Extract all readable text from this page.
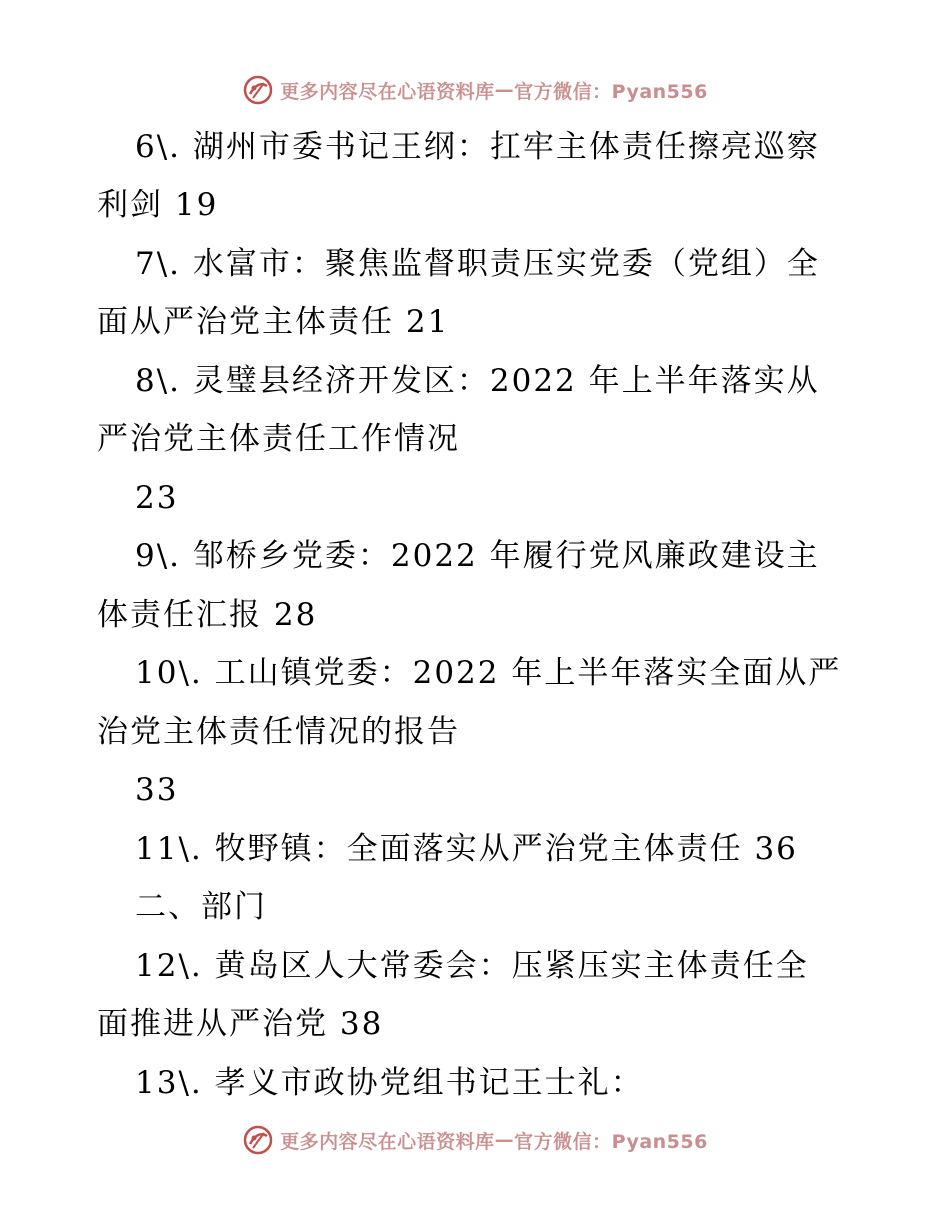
更多内容尽在心语资料库 — 官方微信：Pyan556
6\. 湖州市委书记王纲：扛牢主体责任擦亮巡察
利剑 19
7\. 水富市：聚焦监督职责压实党委（党组）全
面从严治党主体责任 21
8\. 灵璧县经济开发区：2022 年上半年落实从
严治党主体责任工作情况
23
9\. 邹桥乡党委：2022 年履行党风廉政建设主
体责任汇报 28
10\. 工山镇党委：2022 年上半年落实全面从严
治党主体责任情况的报告
33
11\. 牧野镇：全面落实从严治党主体责任 36
二、部门
12\. 黄岛区人大常委会：压紧压实主体责任全
面推进从严治党 38
13\. 孝义市政协党组书记王士礼：
更多内容尽在心语资料库 — 官方微信：Pyan556
